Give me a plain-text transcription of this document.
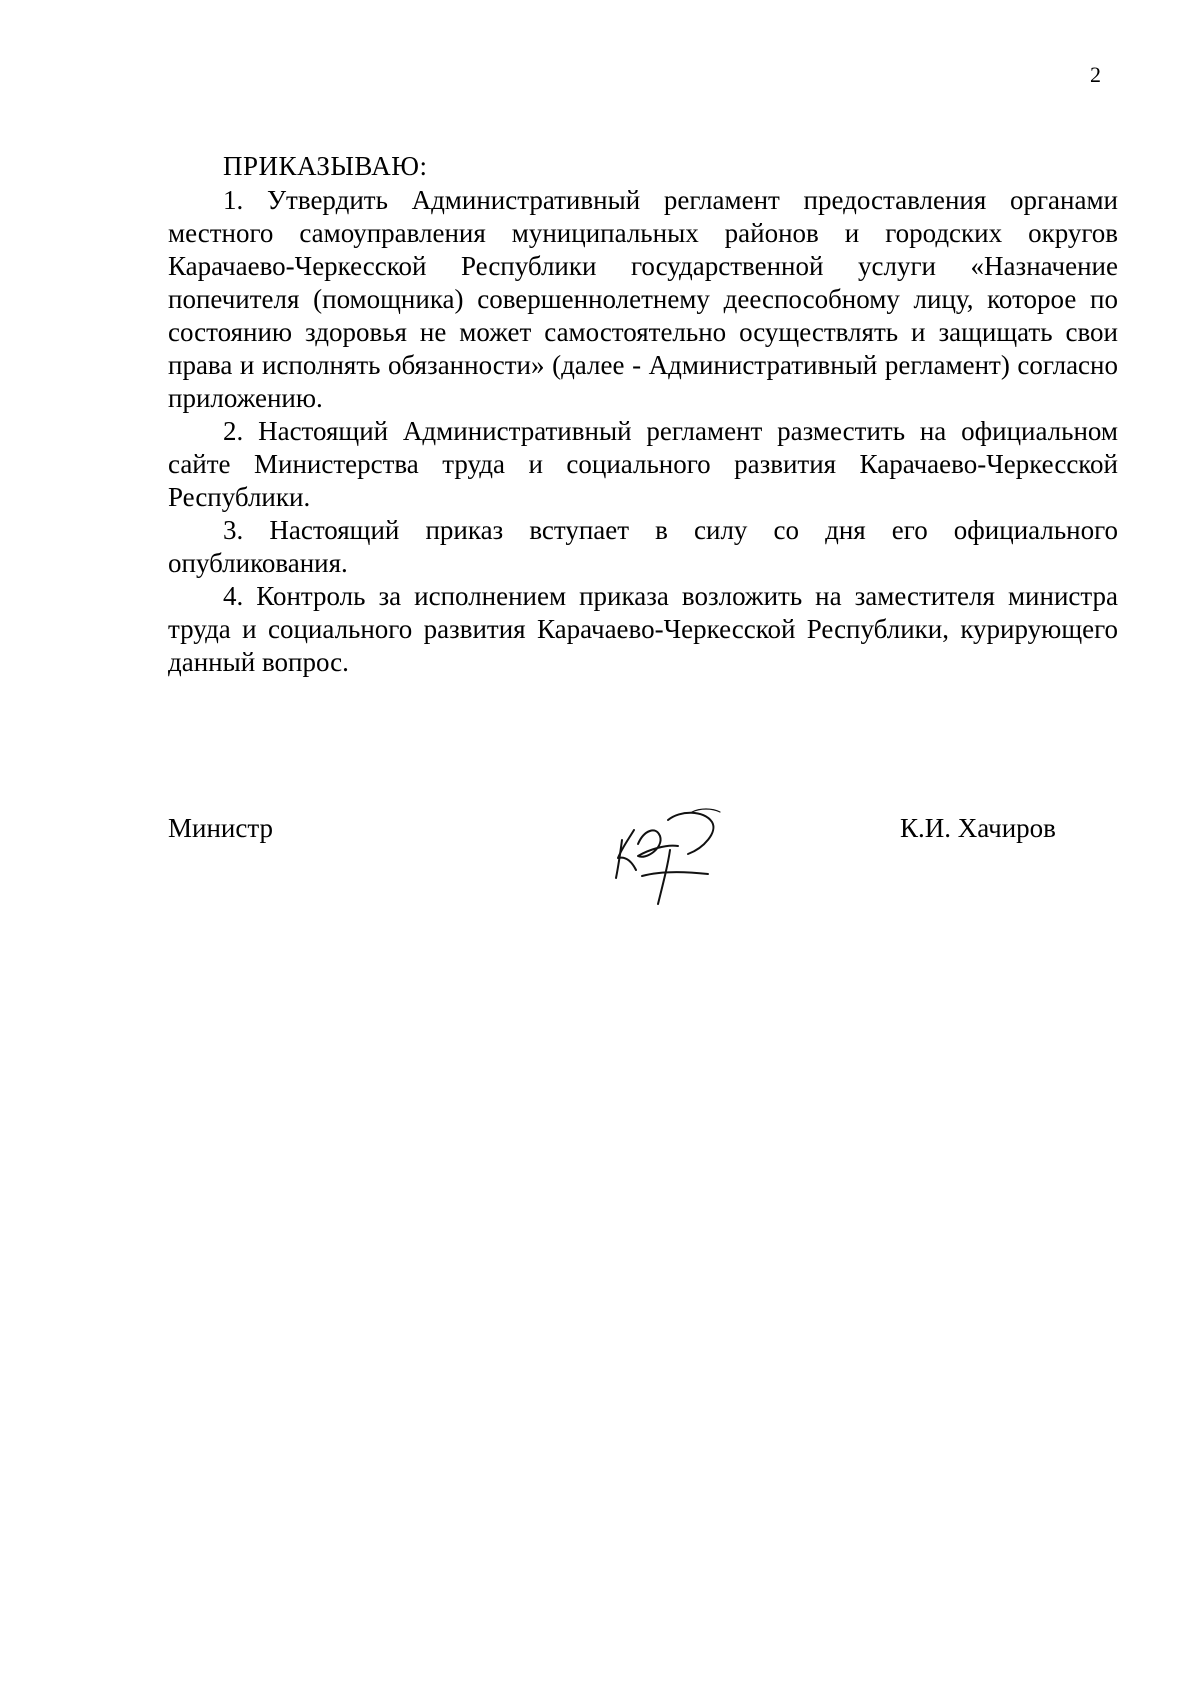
2

ПРИКАЗЫВАЮ:

1. Утвердить Административный регламент предоставления органами местного самоуправления муниципальных районов и городских округов Карачаево-Черкесской Республики государственной услуги «Назначение попечителя (помощника) совершеннолетнему дееспособному лицу, которое по состоянию здоровья не может самостоятельно осуществлять и защищать свои права и исполнять обязанности» (далее - Административный регламент) согласно приложению.

2. Настоящий Административный регламент разместить на официальном сайте Министерства труда и социального развития Карачаево-Черкесской Республики.

3. Настоящий приказ вступает в силу со дня его официального опубликования.

4. Контроль за исполнением приказа возложить на заместителя министра труда и социального развития Карачаево-Черкесской Республики, курирующего данный вопрос.

Министр	К.И. Хачиров
